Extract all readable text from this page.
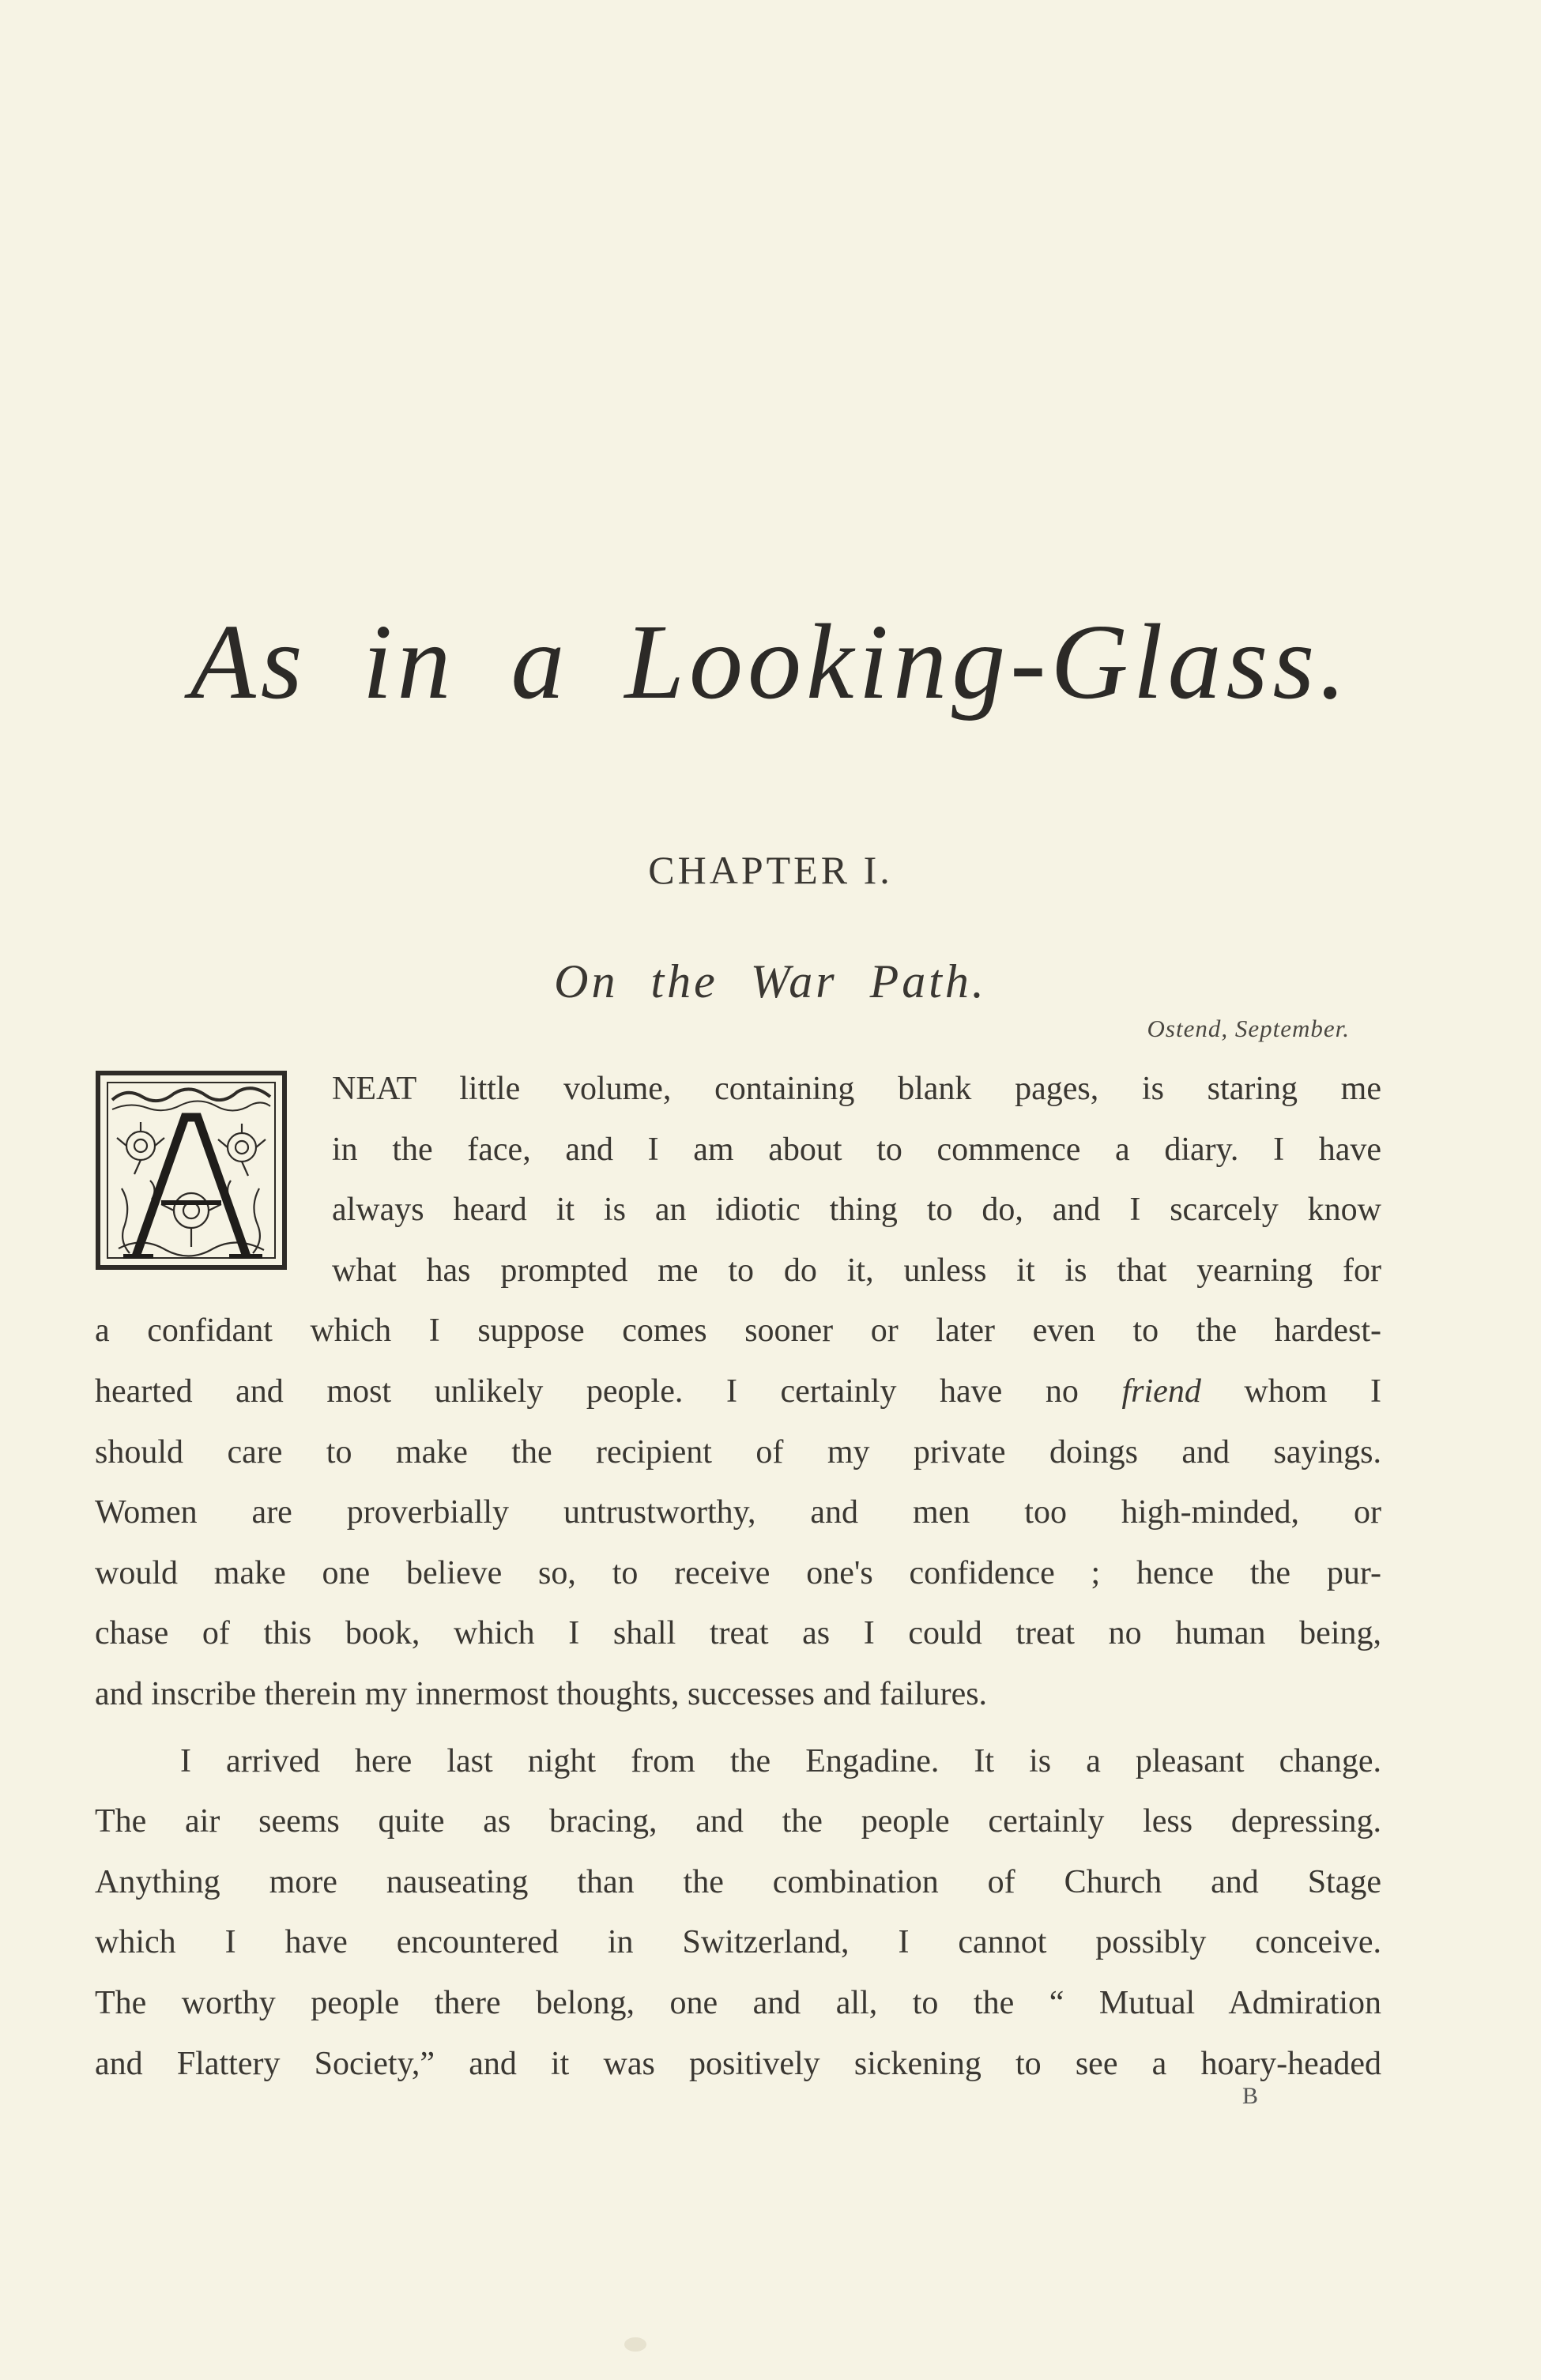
As in a Looking-Glass.
CHAPTER I.
On the War Path.
Ostend, September.
NEAT little volume, containing blank pages, is staring me
in the face, and I am about to commence a diary. I have
always heard it is an idiotic thing to do, and I scarcely know
what has prompted me to do it, unless it is that yearning for
a confidant which I suppose comes sooner or later even to the hardest-
hearted and most unlikely people. I certainly have no friend whom I
should care to make the recipient of my private doings and sayings.
Women are proverbially untrustworthy, and men too high-minded, or
would make one believe so, to receive one's confidence ; hence the pur-
chase of this book, which I shall treat as I could treat no human being,
and inscribe therein my innermost thoughts, successes and failures.
I arrived here last night from the Engadine. It is a pleasant change.
The air seems quite as bracing, and the people certainly less depressing.
Anything more nauseating than the combination of Church and Stage
which I have encountered in Switzerland, I cannot possibly conceive.
The worthy people there belong, one and all, to the “ Mutual Admiration
and Flattery Society,” and it was positively sickening to see a hoary-headed
B
